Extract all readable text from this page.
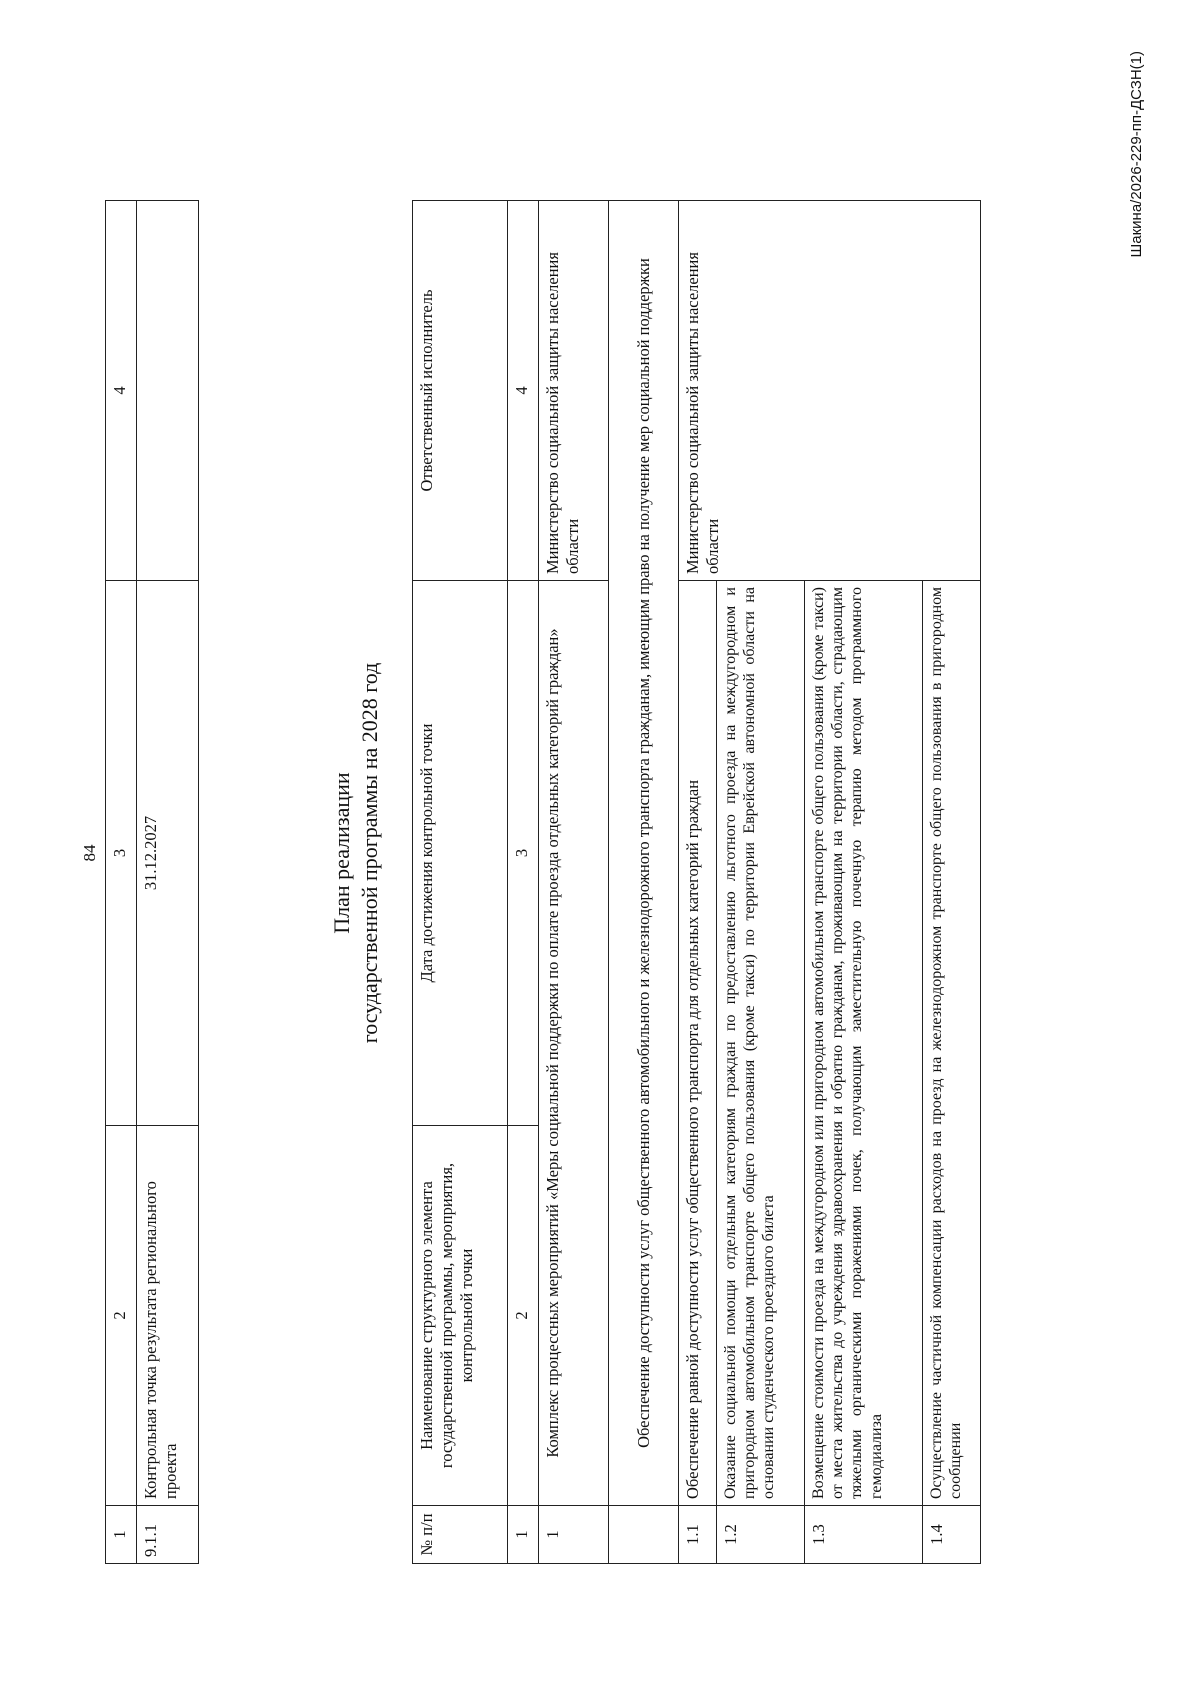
84
1	2	3	4
9.1.1	Контрольная точка результата регионального проекта	31.12.2027		План реализации государственной программы на 2028 год
№ п/п	Наименование структурного элемента государственной программы, мероприятия, контрольной точки	Дата достижения контрольной точки	Ответственный исполнитель
1	2	3	4
1	Комплекс процессных мероприятий «Меры социальной поддержки по оплате проезда отдельных категорий граждан»		Министерство социальной защиты населения области
	Обеспечение доступности услуг общественного автомобильного и железнодорожного транспорта гражданам, имеющим право на получение мер социальной поддержки		
1.1	Обеспечение равной доступности услуг общественного транспорта для отдельных категорий граждан		Министерство социальной защиты населения области
1.2	Оказание социальной помощи отдельным категориям граждан по предоставлению льготного проезда на междугородном и пригородном автомобильном транспорте общего пользования (кроме такси) по территории Еврейской автономной области на основании студенческого проездного билета		
1.3	Возмещение стоимости проезда на междугородном или пригородном автомобильном транспорте общего пользования (кроме такси) от места жительства до учреждения здравоохранения и обратно гражданам, проживающим на территории области, страдающим тяжелыми органическими поражениями почек, получающим заместительную почечную терапию методом программного гемодиализа		
1.4	Осуществление частичной компенсации расходов на проезд на железнодорожном транспорте общего пользования в пригородном сообщении		
Шакина/2026-229-пп-ДСЗН(1)
